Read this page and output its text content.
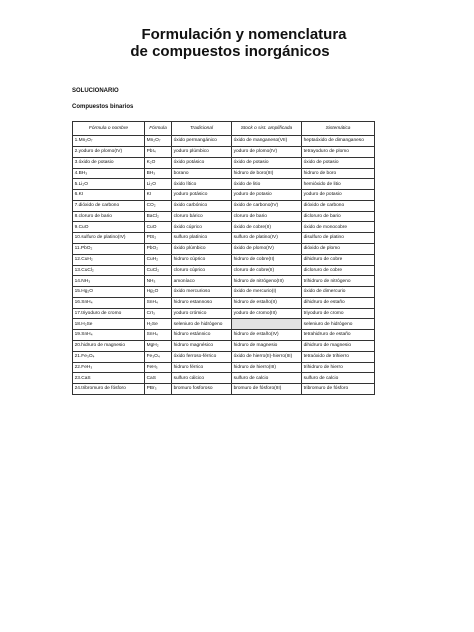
Formulación y nomenclatura
de compuestos inorgánicos
SOLUCIONARIO
Compuestos binarios
Fórmula o nombre	Fórmula	Tradicional	Stock o sist. amplificada	Sistemática
1.Mn₂O₇	Mn₂O₇	óxido permangánico	óxido de manganeso(VII)	heptaóxido de dimanganeso
2.yoduro de plomo(IV)	PbI₄	yoduro plúmbico	yoduro de plomo(IV)	tetrayoduro de plomo
3.óxido de potasio	K₂O	óxido potásico	óxido de potasio	óxido de potasio
4.BH₃	BH₃	borano	hidruro de boro(III)	hidruro de boro
5.Li₂O	Li₂O	óxido lítico	óxido de litio	hemióxido de litio
6.KI	KI	yoduro potásico	yoduro de potasio	yoduro de potasio
7.dióxido de carbono	CO₂	óxido carbónico	óxido de carbono(IV)	dióxido de carbono
8.cloruro de bario	BaCl₂	cloruro bárico	cloruro de bario	dicloruro de bario
9.CuO	CuO	óxido cúprico	óxido de cobre(II)	óxido de monocobre
10.sulfuro de platino(IV)	PtS₂	sulfuro platínico	sulfuro de platino(IV)	disulfuro de platino
11.PbO₂	PbO₂	óxido plúmbico	óxido de plomo(IV)	dióxido de plomo
12.CuH₂	CuH₂	hidruro cúprico	hidruro de cobre(II)	dihidruro de cobre
13.CuCl₂	CuCl₂	cloruro cúprico	cloruro de cobre(II)	dicloruro de cobre
14.NH₃	NH₃	amoníaco	hidruro de nitrógeno(III)	trihidruro de nitrógeno
15.Hg₂O	Hg₂O	óxido mercurioso	óxido de mercurio(I)	óxido de dimercurio
16.SnH₄	SnH₄	hidruro estannoso	hidruro de estaño(II)	dihidruro de estaño
17.triyoduro de cromo	CrI₃	yoduro crómico	yoduro de cromo(III)	triyoduro de cromo
18.H₂Se	H₂Se	seleniuro de hidrógeno		seleniuro de hidrógeno
19.SnH₄	SnH₄	hidruro estánnico	hidruro de estaño(IV)	tetrahidruro de estaño
20.hidruro de magnesio	MgH₂	hidruro magnésico	hidruro de magnesio	dihidruro de magnesio
21.Fe₃O₄	Fe₃O₄	óxido ferroso-férrico	óxido de hierro(II)-hierro(III)	tetraóxido de trihierro
22.FeH₃	FeH₃	hidruro férrico	hidruro de hierro(III)	trihidruro de hierro
23.CaS	CaS	sulfuro cálcico	sulfuro de calcio	sulfuro de calcio
24.tribromuro de fósforo	PBr₃	bromuro fosforoso	bromuro de fósforo(III)	tribromuro de fósforo
